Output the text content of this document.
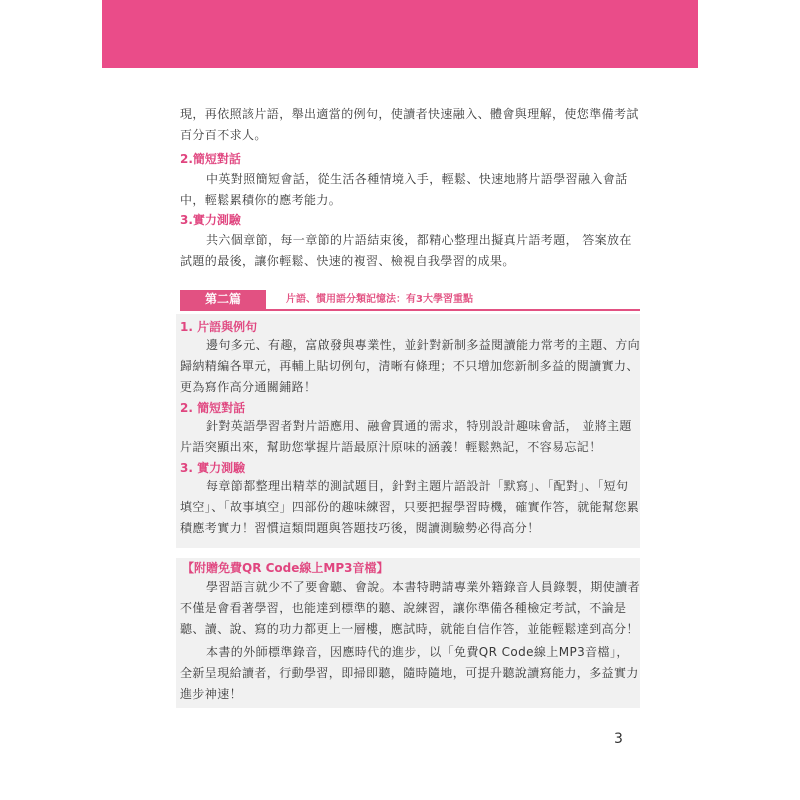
現，再依照該片語，舉出適當的例句，使讀者快速融入、體會與理解，使您準備考試百分百不求人。
2.簡短對話
中英對照簡短會話，從生活各種情境入手，輕鬆、快速地將片語學習融入會話中，輕鬆累積你的應考能力。
3.實力測驗
共六個章節，每一章節的片語結束後，都精心整理出擬真片語考題， 答案放在試題的最後，讓你輕鬆、快速的複習、檢視自我學習的成果。
第二篇	片語、慣用語分類記憶法：有3大學習重點
1. 片語與例句
邊句多元、有趣，富啟發與專業性，並針對新制多益閱讀能力常考的主題、方向歸納精編各單元，再輔上貼切例句，清晰有條理；不只增加您新制多益的閱讀實力、更為寫作高分通關鋪路！
2. 簡短對話
針對英語學習者對片語應用、融會貫通的需求，特別設計趣味會話， 並將主題片語突顯出來，幫助您掌握片語最原汁原味的涵義！輕鬆熟記，不容易忘記！
3. 實力測驗
每章節都整理出精萃的測試題目，針對主題片語設計「默寫」、「配對」、「短句填空」、「故事填空」四部份的趣味練習，只要把握學習時機，確實作答，就能幫您累積應考實力！習慣這類問題與答題技巧後，閱讀測驗勢必得高分！
【附贈免費QR Code線上MP3音檔】
學習語言就少不了要會聽、會說。本書特聘請專業外籍錄音人員錄製，期使讀者不僅是會看著學習，也能達到標準的聽、說練習，讓你準備各種檢定考試，不論是聽、讀、說、寫的功力都更上一層樓，應試時，就能自信作答，並能輕鬆達到高分！
本書的外師標準錄音，因應時代的進步，以「免費QR Code線上MP3音檔」，全新呈現給讀者，行動學習，即掃即聽，隨時隨地，可提升聽說讀寫能力，多益實力進步神速！
3
